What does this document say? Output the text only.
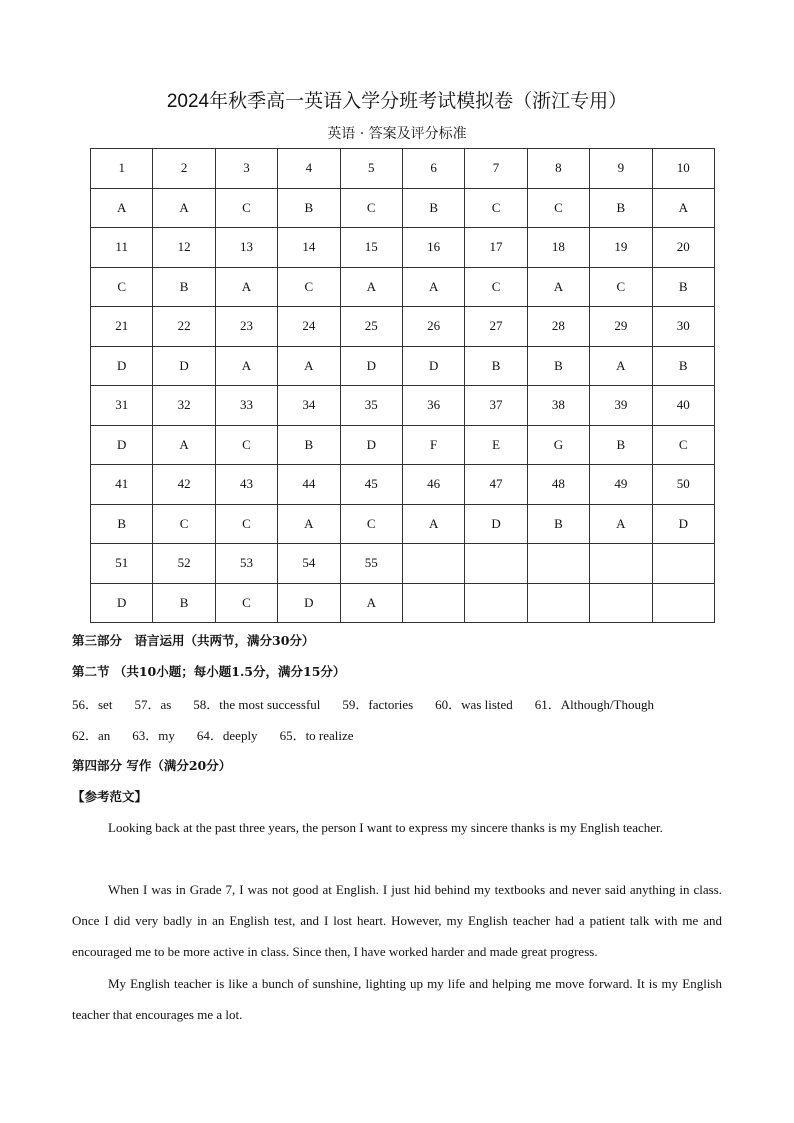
2024年秋季高一英语入学分班考试模拟卷（浙江专用）
英语 · 答案及评分标准
1	2	3	4	5	6	7	8	9	10
A	A	C	B	C	B	C	C	B	A
11	12	13	14	15	16	17	18	19	20
C	B	A	C	A	A	C	A	C	B
21	22	23	24	25	26	27	28	29	30
D	D	A	A	D	D	B	B	A	B
31	32	33	34	35	36	37	38	39	40
D	A	C	B	D	F	E	G	B	C
41	42	43	44	45	46	47	48	49	50
B	C	C	A	C	A	D	B	A	D
51	52	53	54	55					
D	B	C	D	A					
第三部分　语言运用（共两节，满分30分）
第二节 （共10小题；每小题1.5分，满分15分）
56．set 57．as 58．the most successful 59．factories 60．was listed 61．Although/Though
62．an 63．my 64．deeply 65．to realize
第四部分 写作（满分20分）
【参考范文】
Looking back at the past three years, the person I want to express my sincere thanks is my English teacher.
When I was in Grade 7, I was not good at English. I just hid behind my textbooks and never said anything in class. Once I did very badly in an English test, and I lost heart. However, my English teacher had a patient talk with me and encouraged me to be more active in class. Since then, I have worked harder and made great progress.
My English teacher is like a bunch of sunshine, lighting up my life and helping me move forward. It is my English teacher that encourages me a lot.
